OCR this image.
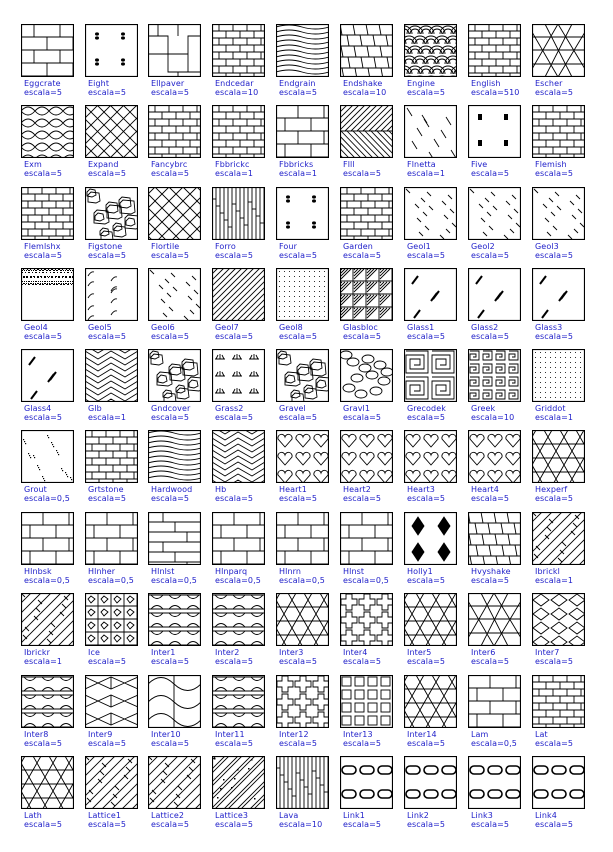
Eggcrate
escala=5
Eight
escala=5
Ellpaver
escala=5
Endcedar
escala=10
Endgrain
escala=5
Endshake
escala=10
Engine
escala=5
English
escala=510
Escher
escala=5
Exm
escala=5
Expand
escala=5
Fancybrc
escala=5
Fbbrickc
escala=1
Fbbricks
escala=1
Flll
escala=5
Flnetta
escala=1
Five
escala=5
Flemish
escala=5
Flemlshx
escala=5
Figstone
escala=5
Flortile
escala=5
Forro
escala=5
Four
escala=5
Garden
escala=5
Geol1
escala=5
Geol2
escala=5
Geol3
escala=5
Geol4
escala=5
Geol5
escala=5
Geol6
escala=5
Geol7
escala=5
Geol8
escala=5
Glasbloc
escala=5
Glass1
escala=5
Glass2
escala=5
Glass3
escala=5
Glass4
escala=5
Glb
escala=1
Gndcover
escala=5
Grass2
escala=5
Gravel
escala=5
Gravl1
escala=5
Grecodek
escala=5
Greek
escala=10
Griddot
escala=1
Grout
escala=0,5
Grtstone
escala=5
Hardwood
escala=5
Hb
escala=5
Heart1
escala=5
Heart2
escala=5
Heart3
escala=5
Heart4
escala=5
Hexperf
escala=5
Hlnbsk
escala=0,5
Hlnher
escala=0,5
Hlnlst
escala=0,5
Hlnparq
escala=0,5
Hlnrn
escala=0,5
Hlnst
escala=0,5
Holly1
escala=5
Hvyshake
escala=5
Ibrickl
escala=1
Ibrickr
escala=1
Ice
escala=5
Inter1
escala=5
Inter2
escala=5
Inter3
escala=5
Inter4
escala=5
Inter5
escala=5
Inter6
escala=5
Inter7
escala=5
Inter8
escala=5
Inter9
escala=5
Inter10
escala=5
Inter11
escala=5
Inter12
escala=5
Inter13
escala=5
Inter14
escala=5
Lam
escala=0,5
Lat
escala=5
Lath
escala=5
Lattice1
escala=5
Lattice2
escala=5
Lattice3
escala=5
Lava
escala=10
Link1
escala=5
Link2
escala=5
Link3
escala=5
Link4
escala=5
